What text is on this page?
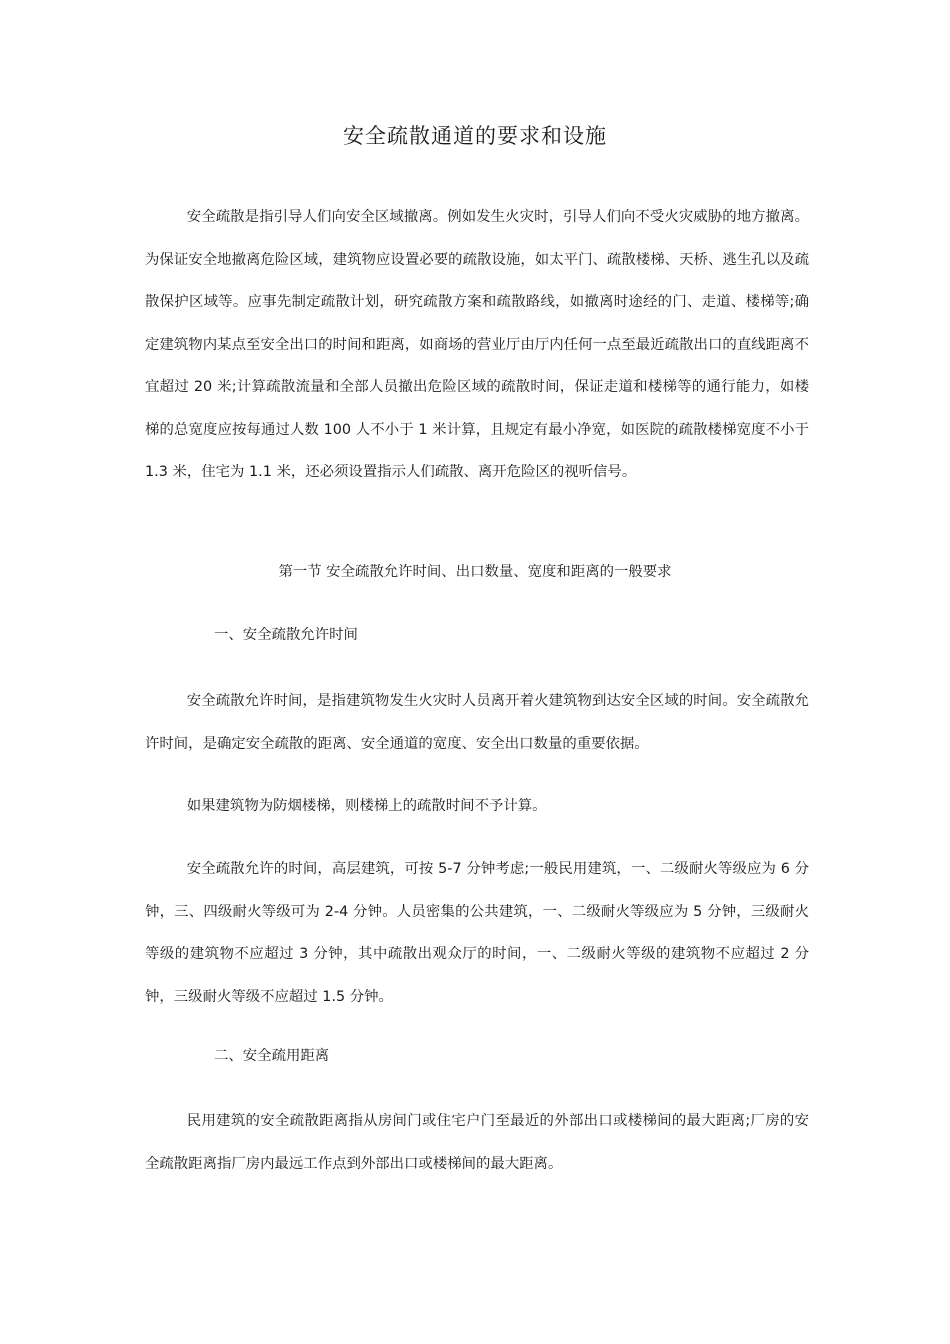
安全疏散通道的要求和设施

安全疏散是指引导人们向安全区域撤离。例如发生火灾时，引导人们向不受火灾威胁的地方撤离。为保证安全地撤离危险区域，建筑物应设置必要的疏散设施，如太平门、疏散楼梯、天桥、逃生孔以及疏散保护区域等。应事先制定疏散计划，研究疏散方案和疏散路线，如撤离时途经的门、走道、楼梯等;确定建筑物内某点至安全出口的时间和距离，如商场的营业厅由厅内任何一点至最近疏散出口的直线距离不宜超过 20 米;计算疏散流量和全部人员撤出危险区域的疏散时间，保证走道和楼梯等的通行能力，如楼梯的总宽度应按每通过人数 100 人不小于 1 米计算，且规定有最小净宽，如医院的疏散楼梯宽度不小于 1.3 米，住宅为 1.1 米，还必须设置指示人们疏散、离开危险区的视听信号。

第一节 安全疏散允许时间、出口数量、宽度和距离的一般要求
一、安全疏散允许时间

安全疏散允许时间，是指建筑物发生火灾时人员离开着火建筑物到达安全区域的时间。安全疏散允许时间，是确定安全疏散的距离、安全通道的宽度、安全出口数量的重要依据。

如果建筑物为防烟楼梯，则楼梯上的疏散时间不予计算。

安全疏散允许的时间，高层建筑，可按 5-7 分钟考虑;一般民用建筑，一、二级耐火等级应为 6 分钟，三、四级耐火等级可为 2-4 分钟。人员密集的公共建筑，一、二级耐火等级应为 5 分钟，三级耐火等级的建筑物不应超过 3 分钟，其中疏散出观众厅的时间，一、二级耐火等级的建筑物不应超过 2 分钟，三级耐火等级不应超过 1.5 分钟。

二、安全疏用距离

民用建筑的安全疏散距离指从房间门或住宅户门至最近的外部出口或楼梯间的最大距离;厂房的安全疏散距离指厂房内最远工作点到外部出口或楼梯间的最大距离。
